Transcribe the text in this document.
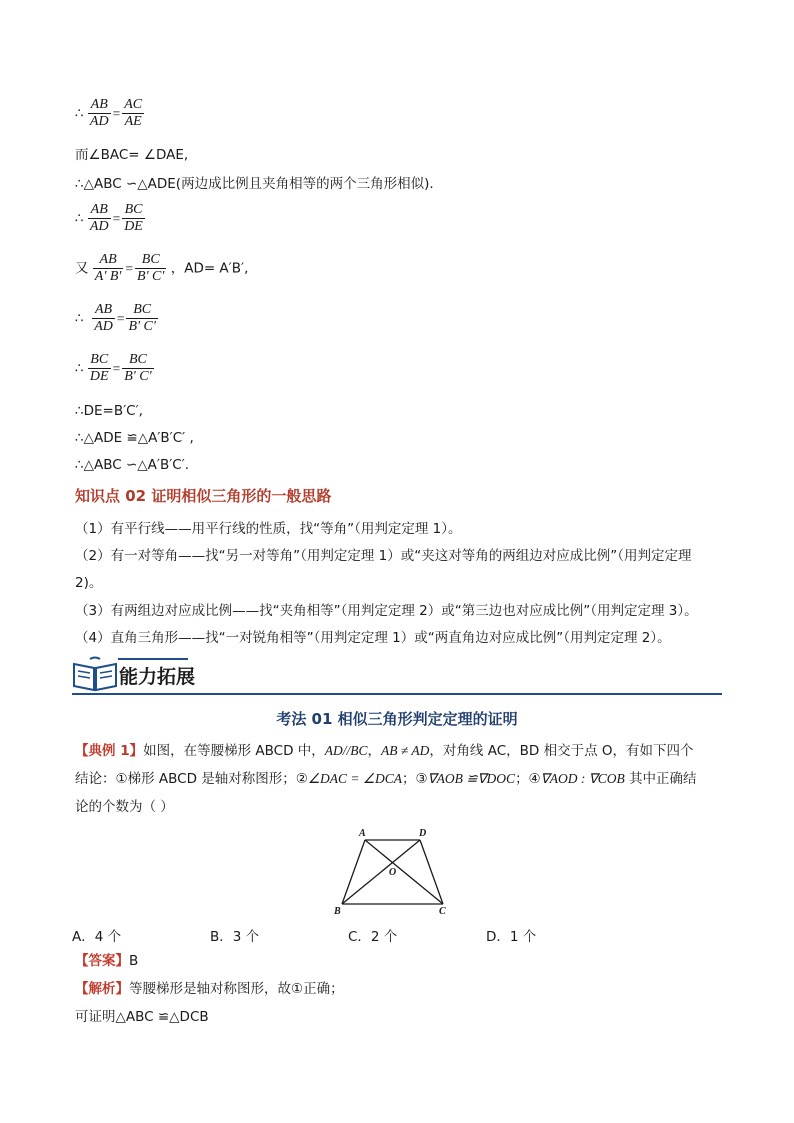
∴ $\frac{AB}{AD} = \frac{AC}{AE}$
而∠BAC= ∠DAE,
∴△ABC ∽△ADE(两边成比例且夹角相等的两个三角形相似).
∴ $\frac{AB}{AD} = \frac{BC}{DE}$
又 $\frac{AB}{A' B'} = \frac{BC}{B' C'}$ ，AD= A′B′,
∴ $\frac{AB}{AD} = \frac{BC}{B' C'}$
∴ $\frac{BC}{DE} = \frac{BC}{B' C'}$
∴DE=B′C′,
∴△ADE ≌△A′B′C′ ,
∴△ABC ∽△A′B′C′.
知识点 02 证明相似三角形的一般思路
（1）有平行线——用平行线的性质，找“等角”（用判定定理 1）。
（2）有一对等角——找“另一对等角”（用判定定理 1）或“夹这对等角的两组边对应成比例”（用判定定理
2)。
（3）有两组边对应成比例——找“夹角相等”（用判定定理 2）或“第三边也对应成比例”（用判定定理 3）。
（4）直角三角形——找“一对锐角相等”（用判定定理 1）或“两直角边对应成比例”（用判定定理 2）。
能力拓展
考法 01 相似三角形判定定理的证明
【典例 1】如图，在等腰梯形 ABCD 中，AD//BC，AB ≠ AD，对角线 AC，BD 相交于点 O，有如下四个
结论：①梯形 ABCD 是轴对称图形；②∠DAC = ∠DCA；③∇AOB ≌∇DOC；④∇AOD : ∇COB 其中正确结
论的个数为（ ）
A	D
B	C
O
A．4 个	B．3 个	C．2 个	D．1 个
【答案】B
【解析】等腰梯形是轴对称图形，故①正确；
可证明△ABC ≌△DCB
